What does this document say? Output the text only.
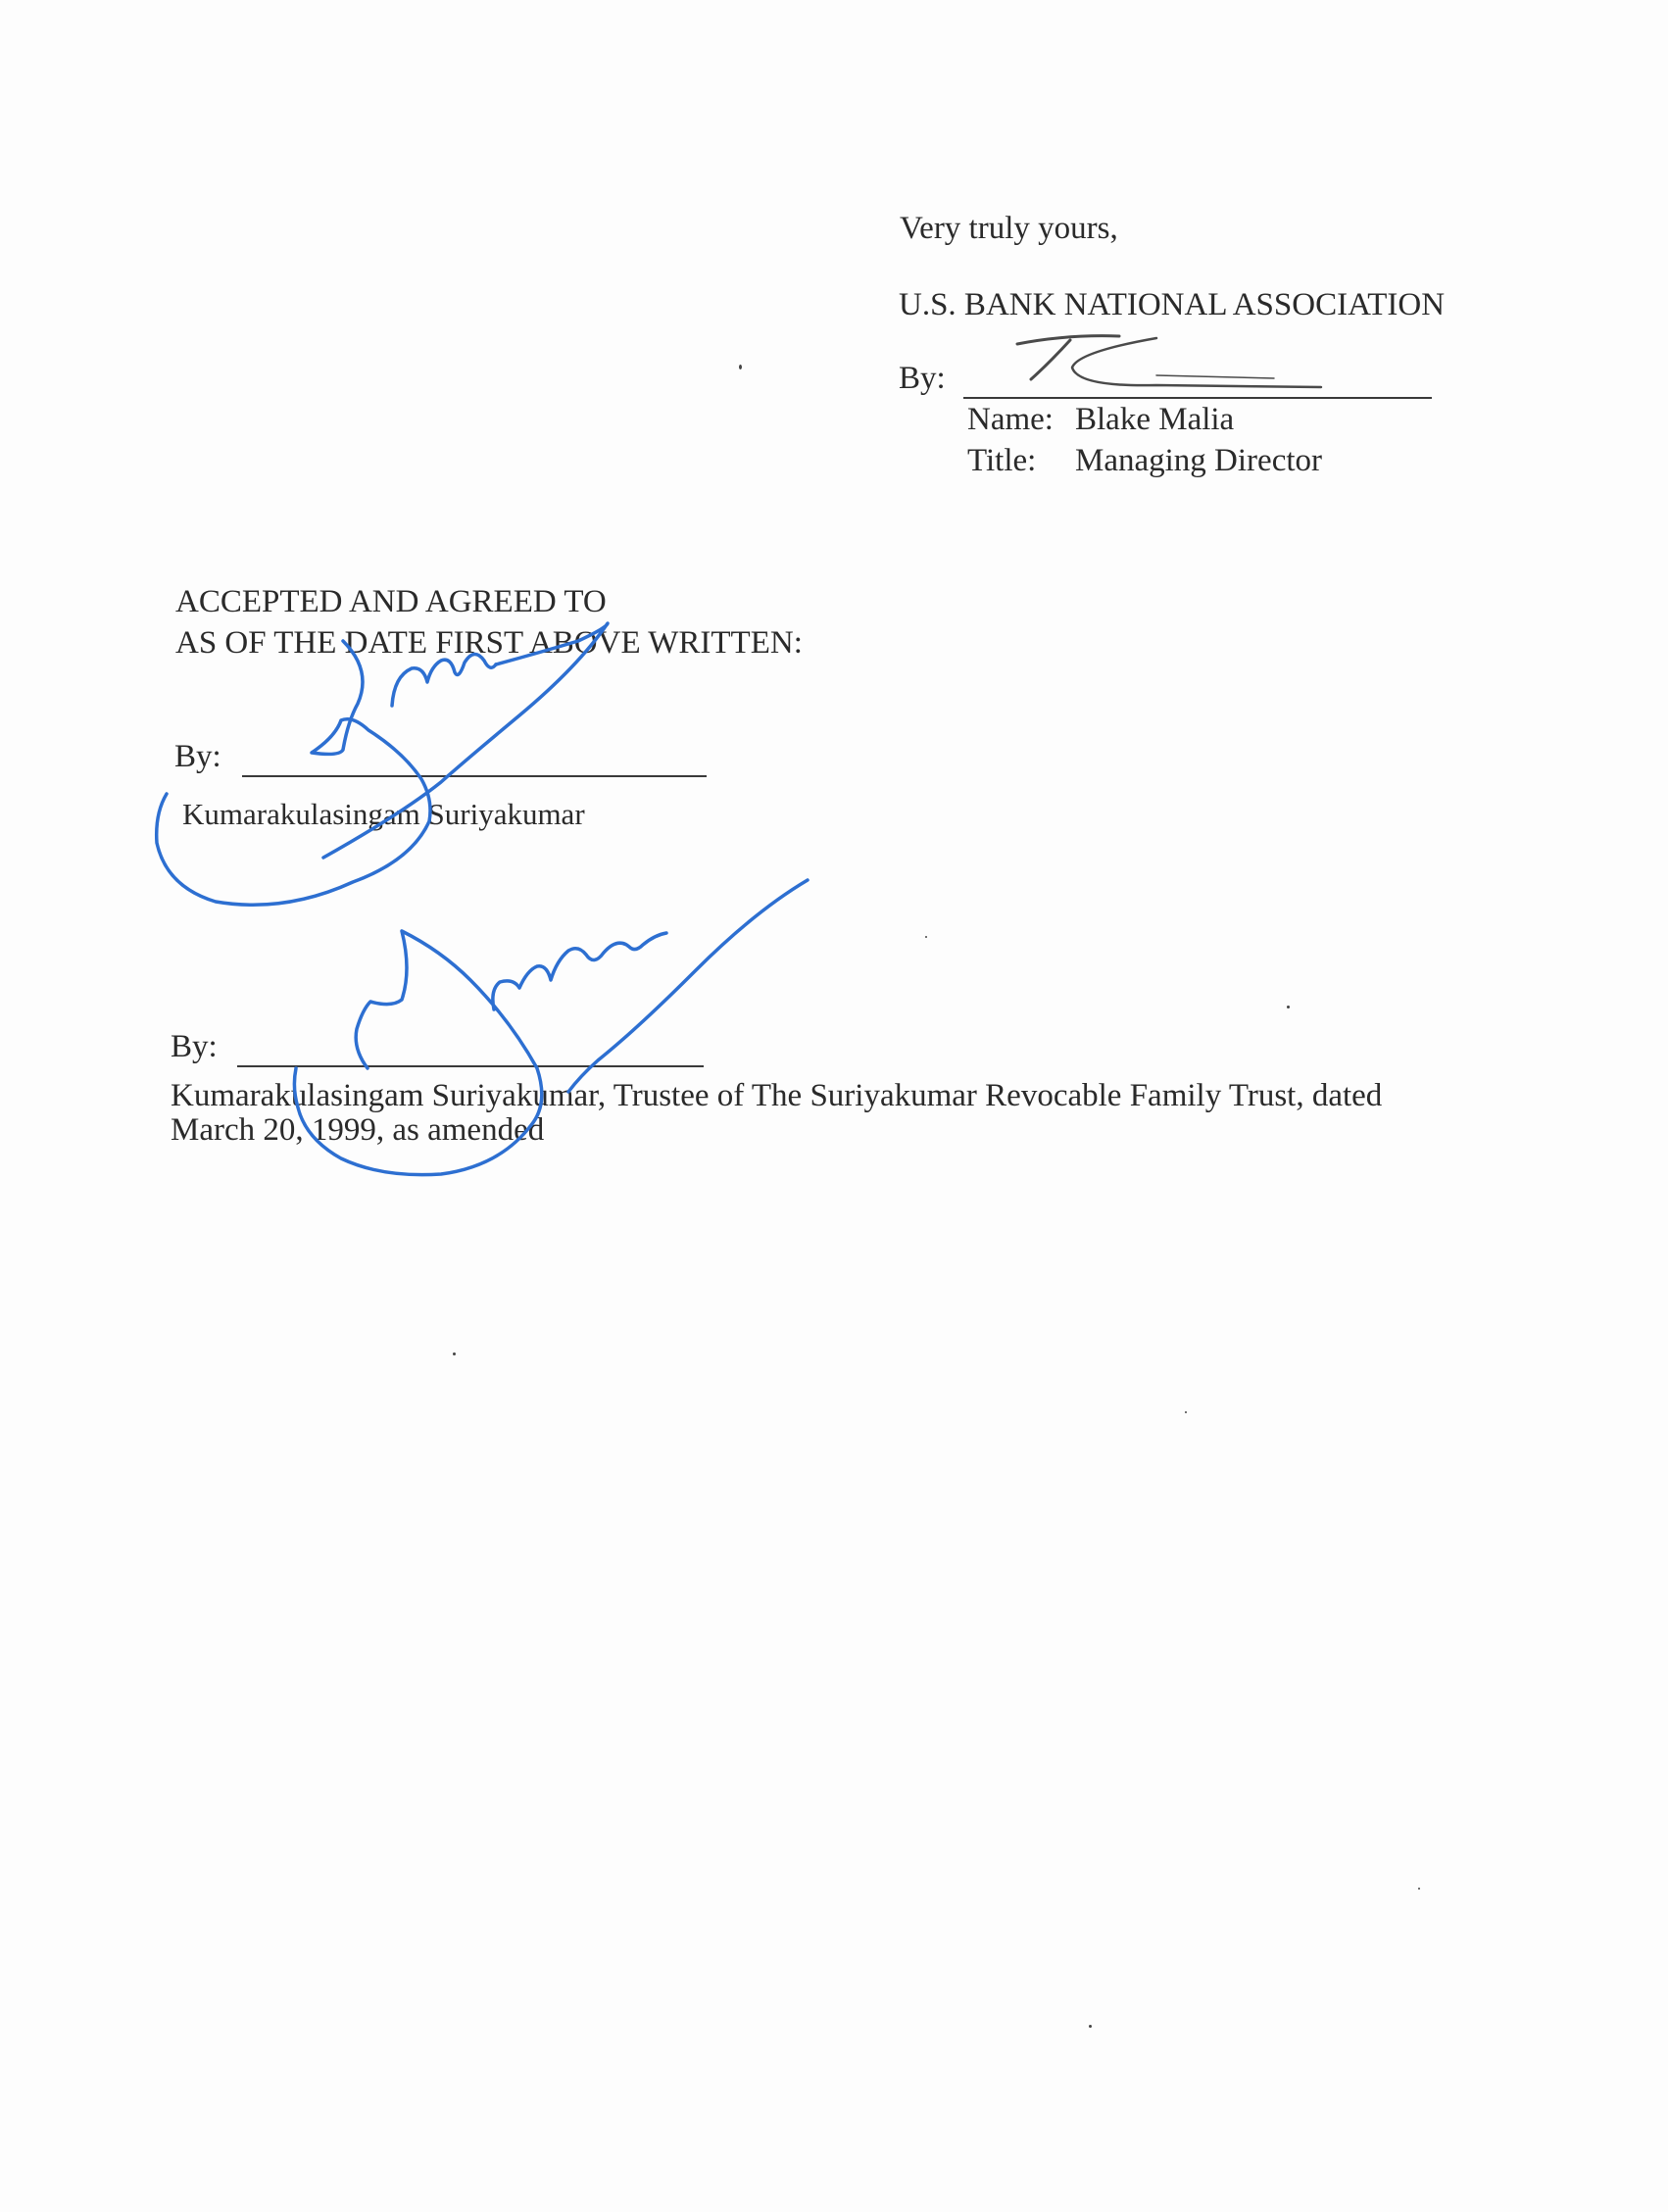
Very truly yours,
U.S. BANK NATIONAL ASSOCIATION
By:
Name: Blake Malia
Title: Managing Director
ACCEPTED AND AGREED TO
AS OF THE DATE FIRST ABOVE WRITTEN:
By:
Kumarakulasingam Suriyakumar
By:
Kumarakulasingam Suriyakumar, Trustee of The Suriyakumar Revocable Family Trust, dated
March 20, 1999, as amended
